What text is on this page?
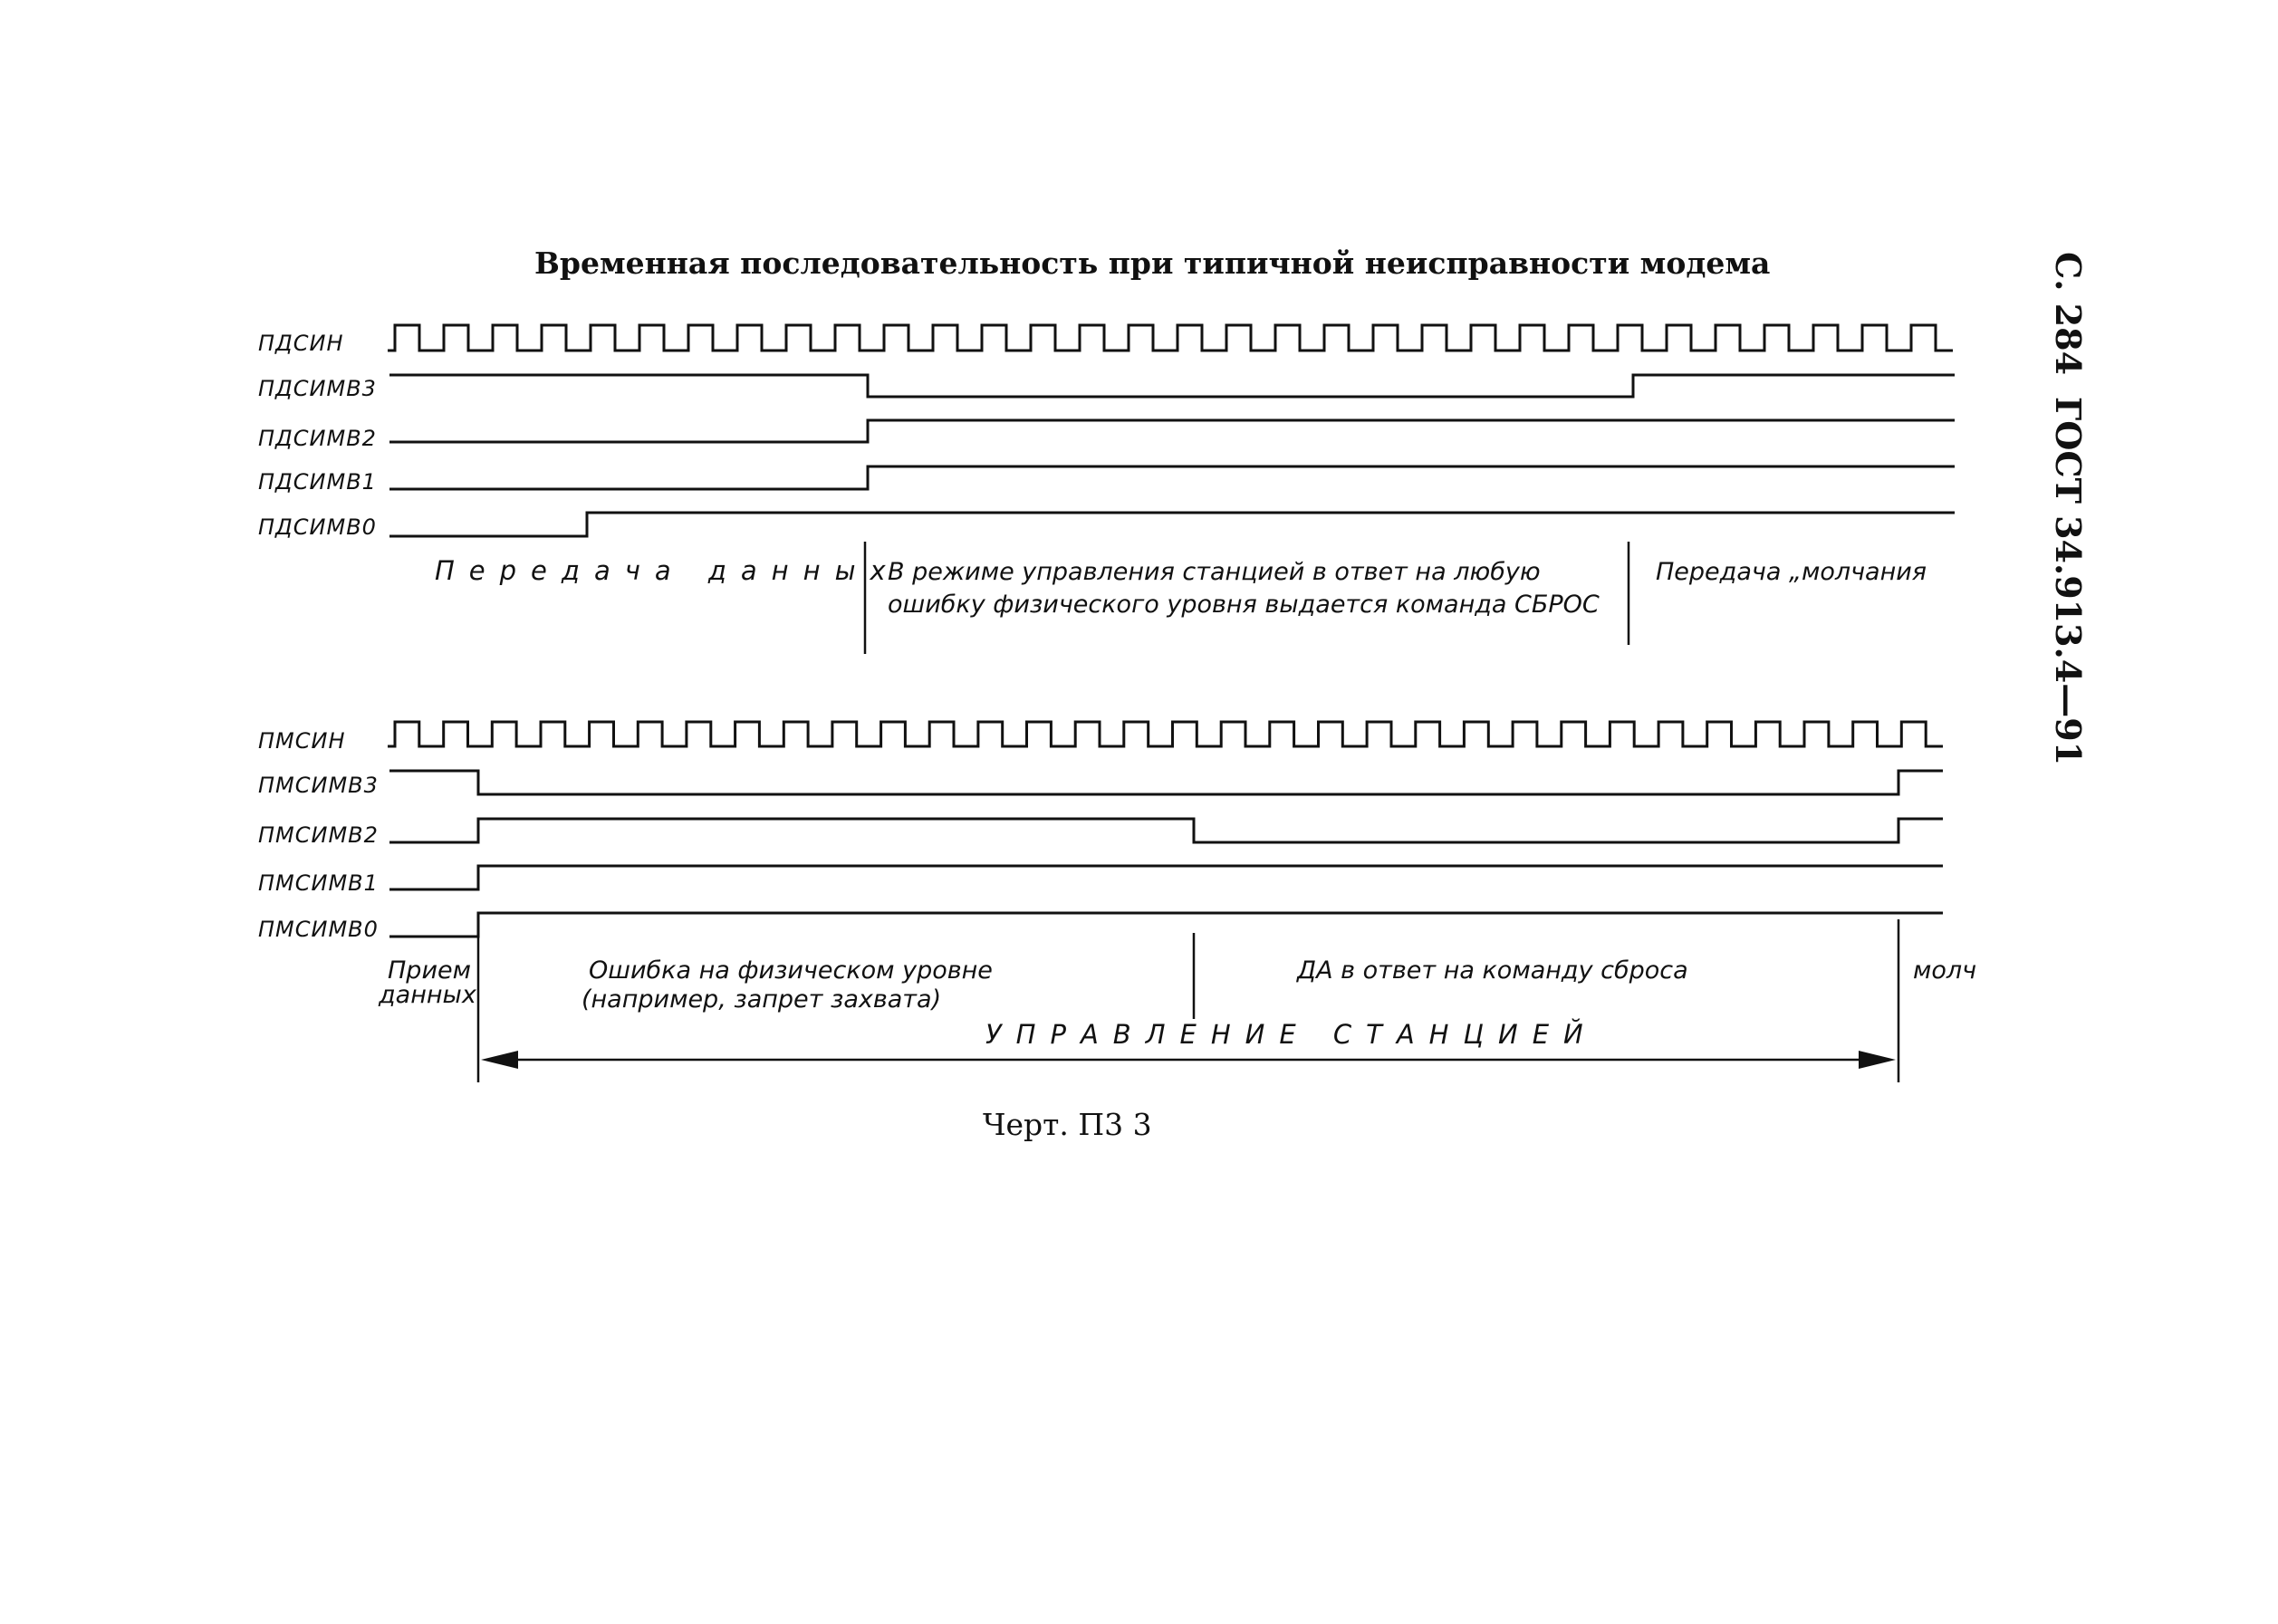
Временная последовательность при типичной неисправности модема	С. 284
ГОСТ 34.913.4—91
ПДСИН
ПДСИМВ3
ПДСИМВ2
ПДСИМВ1
ПДСИМВ0
Передача данных
В режиме управления станцией в ответ на любую
ошибку физического уровня выдается команда СБРОС
Передача „молчания
ПМСИН
ПМСИМВ3
ПМСИМВ2
ПМСИМВ1
ПМСИМВ0
Прием
данных
Ошибка на физическом уровне
(например, запрет захвата)
ДА в ответ на команду сброса	молч
УПРАВЛЕНИЕ СТАНЦИЕЙ
Черт. П3 3
